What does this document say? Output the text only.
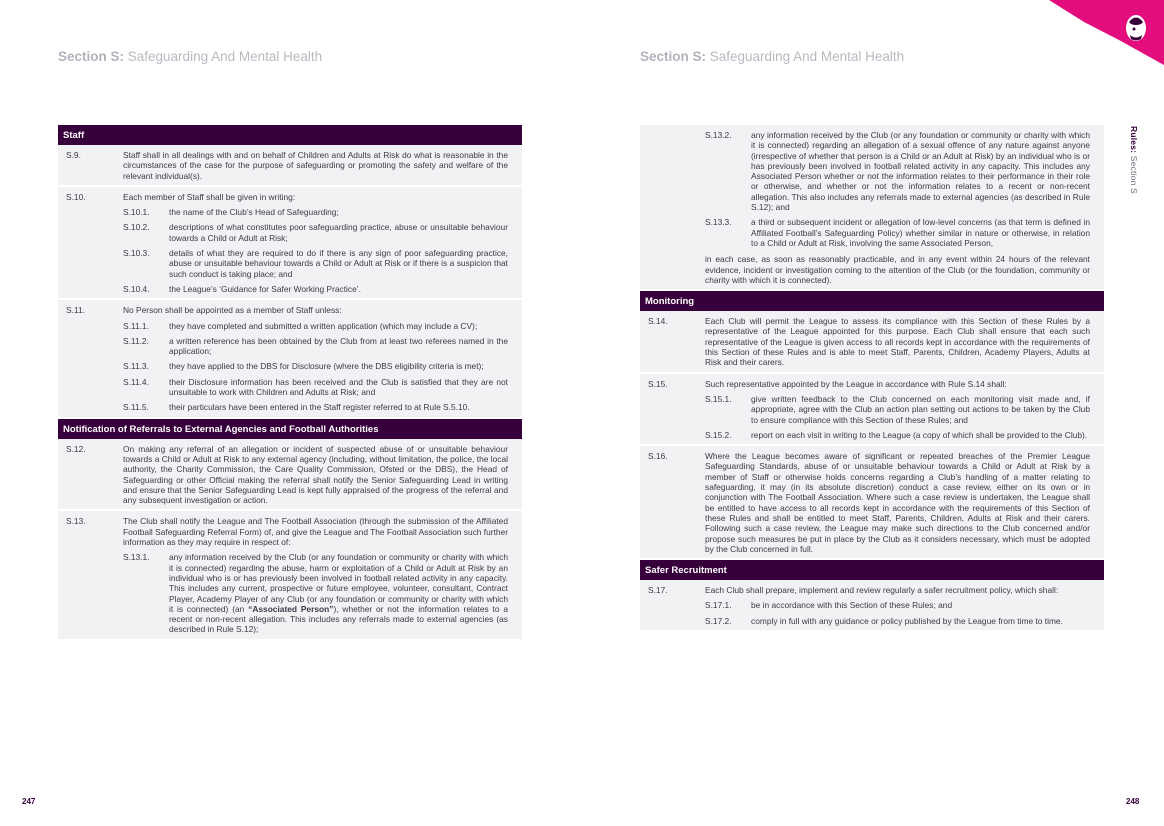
Section S: Safeguarding And Mental Health	Section S: Safeguarding And Mental Health
Rules: Section S
247	248
Staff
S.9.	Staff shall in all dealings with and on behalf of Children and Adults at Risk do what is reasonable in the circumstances of the case for the purpose of safeguarding or promoting the safety and welfare of the relevant individual(s).
S.10.	Each member of Staff shall be given in writing:
S.10.1.	the name of the Club’s Head of Safeguarding;
S.10.2.	descriptions of what constitutes poor safeguarding practice, abuse or unsuitable behaviour towards a Child or Adult at Risk;
S.10.3.	details of what they are required to do if there is any sign of poor safeguarding practice, abuse or unsuitable behaviour towards a Child or Adult at Risk or if there is a suspicion that such conduct is taking place; and
S.10.4.	the League’s ‘Guidance for Safer Working Practice’.
S.11.	No Person shall be appointed as a member of Staff unless:
S.11.1.	they have completed and submitted a written application (which may include a CV);
S.11.2.	a written reference has been obtained by the Club from at least two referees named in the application;
S.11.3.	they have applied to the DBS for Disclosure (where the DBS eligibility criteria is met);
S.11.4.	their Disclosure information has been received and the Club is satisfied that they are not unsuitable to work with Children and Adults at Risk; and
S.11.5.	their particulars have been entered in the Staff register referred to at Rule S.5.10.
Notification of Referrals to External Agencies and Football Authorities
S.12.	On making any referral of an allegation or incident of suspected abuse of or unsuitable behaviour towards a Child or Adult at Risk to any external agency (including, without limitation, the police, the local authority, the Charity Commission, the Care Quality Commission, Ofsted or the DBS), the Head of Safeguarding or other Official making the referral shall notify the Senior Safeguarding Lead in writing and ensure that the Senior Safeguarding Lead is kept fully appraised of the progress of the referral and any subsequent investigation or action.
S.13.	The Club shall notify the League and The Football Association (through the submission of the Affiliated Football Safeguarding Referral Form) of, and give the League and The Football Association such further information as they may require in respect of:
S.13.1.	any information received by the Club (or any foundation or community or charity with which it is connected) regarding the abuse, harm or exploitation of a Child or Adult at Risk by an individual who is or has previously been involved in football related activity in any capacity. This includes any current, prospective or future employee, volunteer, consultant, Contract Player, Academy Player of any Club (or any foundation or community or charity with which it is connected) (an “Associated Person”), whether or not the information relates to a recent or non-recent allegation. This includes any referrals made to external agencies (as described in Rule S.12);
S.13.2.	any information received by the Club (or any foundation or community or charity with which it is connected) regarding an allegation of a sexual offence of any nature against anyone (irrespective of whether that person is a Child or an Adult at Risk) by an individual who is or has previously been involved in football related activity in any capacity. This includes any Associated Person whether or not the information relates to their performance in their role or otherwise, and whether or not the information relates to a recent or non-recent allegation. This also includes any referrals made to external agencies (as described in Rule S.12); and
S.13.3.	a third or subsequent incident or allegation of low-level concerns (as that term is defined in Affiliated Football’s Safeguarding Policy) whether similar in nature or otherwise, in relation to a Child or Adult at Risk, involving the same Associated Person,
in each case, as soon as reasonably practicable, and in any event within 24 hours of the relevant evidence, incident or investigation coming to the attention of the Club (or the foundation, community or charity with which it is connected).
Monitoring
S.14.	Each Club will permit the League to assess its compliance with this Section of these Rules by a representative of the League appointed for this purpose. Each Club shall ensure that each such representative of the League is given access to all records kept in accordance with the requirements of this Section of these Rules and is able to meet Staff, Parents, Children, Academy Players, Adults at Risk and their carers.
S.15.	Such representative appointed by the League in accordance with Rule S.14 shall:
S.15.1.	give written feedback to the Club concerned on each monitoring visit made and, if appropriate, agree with the Club an action plan setting out actions to be taken by the Club to ensure compliance with this Section of these Rules; and
S.15.2.	report on each visit in writing to the League (a copy of which shall be provided to the Club).
S.16.	Where the League becomes aware of significant or repeated breaches of the Premier League Safeguarding Standards, abuse of or unsuitable behaviour towards a Child or Adult at Risk by a member of Staff or otherwise holds concerns regarding a Club’s handling of a matter relating to safeguarding, it may (in its absolute discretion) conduct a case review, either on its own or in conjunction with The Football Association. Where such a case review is undertaken, the League shall be entitled to have access to all records kept in accordance with the requirements of this Section of these Rules and shall be entitled to meet Staff, Parents, Children, Adults at Risk and their carers. Following such a case review, the League may make such directions to the Club concerned and/or propose such measures be put in place by the Club as it considers necessary, which must be adopted by the Club concerned in full.
Safer Recruitment
S.17.	Each Club shall prepare, implement and review regularly a safer recruitment policy, which shall:
S.17.1.	be in accordance with this Section of these Rules; and
S.17.2.	comply in full with any guidance or policy published by the League from time to time.
